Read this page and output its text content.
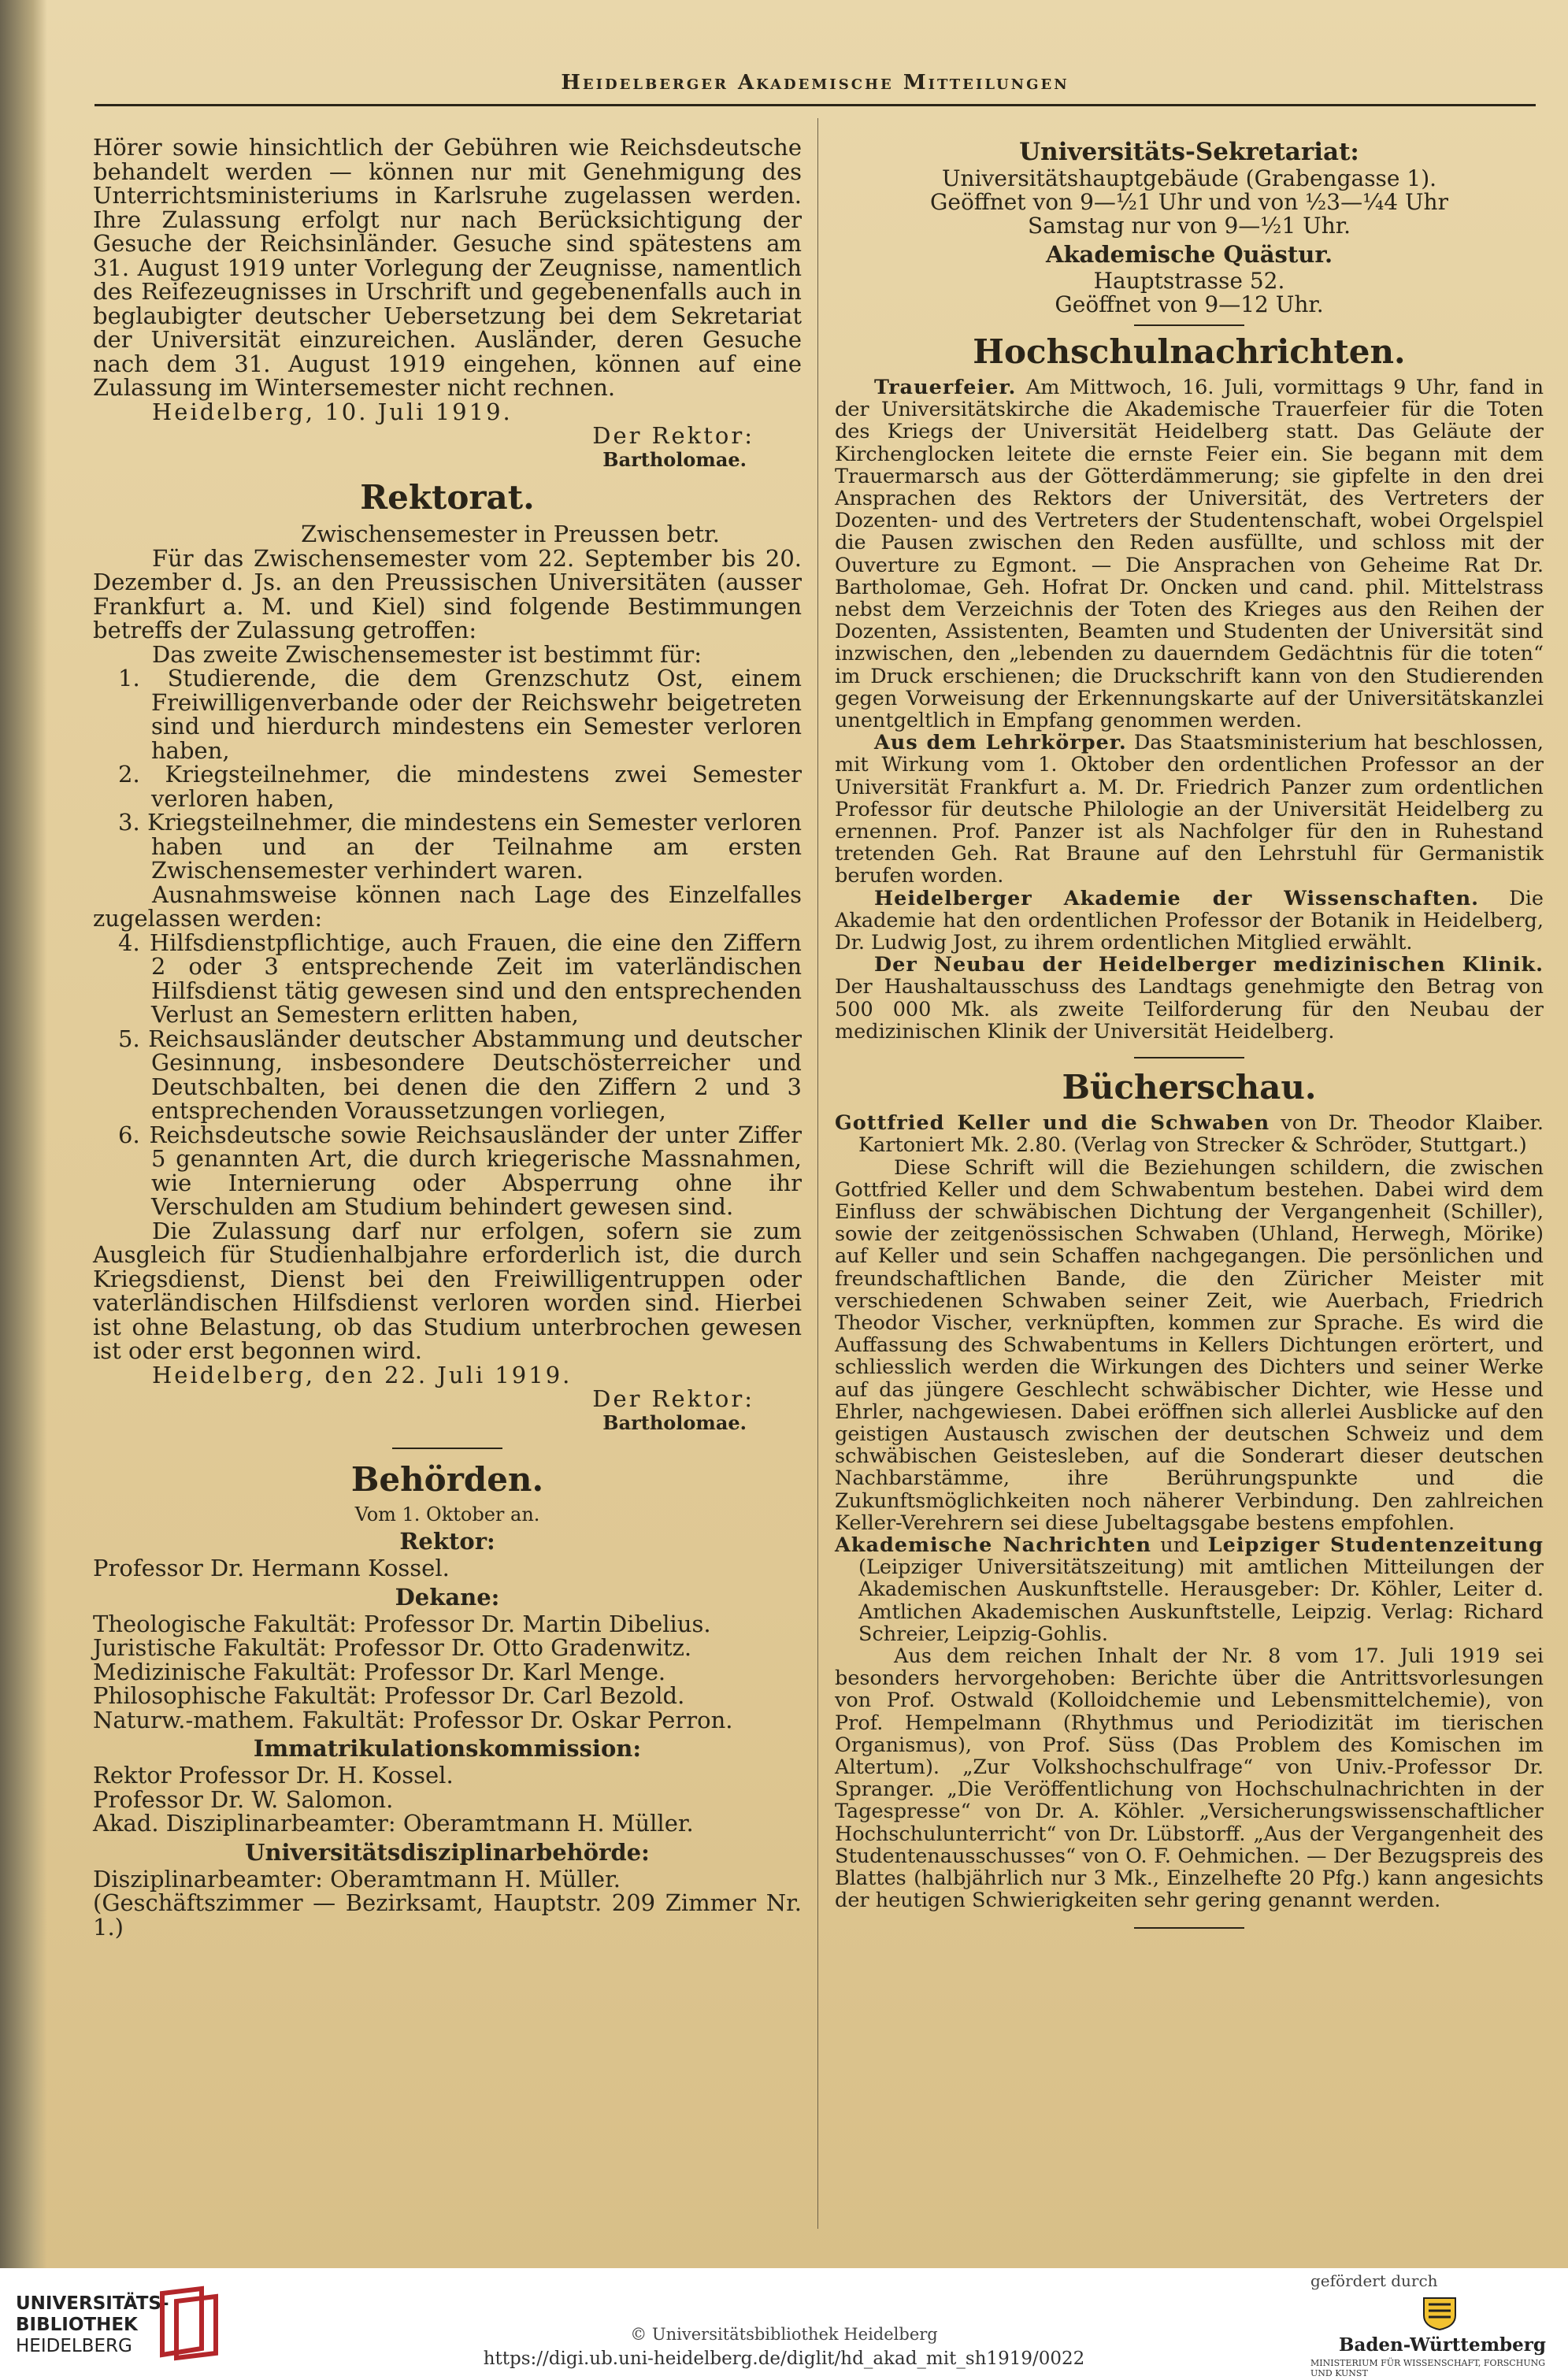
Heidelberger Akademische Mitteilungen

Hörer sowie hinsichtlich der Gebühren wie Reichsdeutsche behandelt werden — können nur mit Genehmigung des Unterrichtsministeriums in Karlsruhe zugelassen werden. Ihre Zulassung erfolgt nur nach Berücksichtigung der Gesuche der Reichsinländer. Gesuche sind spätestens am 31. August 1919 unter Vorlegung der Zeugnisse, namentlich des Reifezeugnisses in Urschrift und gegebenenfalls auch in beglaubigter deutscher Uebersetzung bei dem Sekretariat der Universität einzureichen. Ausländer, deren Gesuche nach dem 31. August 1919 eingehen, können auf eine Zulassung im Wintersemester nicht rechnen.

Heidelberg, 10. Juli 1919.

Der Rektor:

Bartholomae.

Rektorat.

Zwischensemester in Preussen betr.

Für das Zwischensemester vom 22. September bis 20. Dezember d. Js. an den Preussischen Universitäten (ausser Frankfurt a. M. und Kiel) sind folgende Bestimmungen betreffs der Zulassung getroffen:

Das zweite Zwischensemester ist bestimmt für:

1. Studierende, die dem Grenzschutz Ost, einem Freiwilligenverbande oder der Reichswehr beigetreten sind und hierdurch mindestens ein Semester verloren haben,

2. Kriegsteilnehmer, die mindestens zwei Semester verloren haben,

3. Kriegsteilnehmer, die mindestens ein Semester verloren haben und an der Teilnahme am ersten Zwischensemester verhindert waren.

Ausnahmsweise können nach Lage des Einzelfalles zugelassen werden:

4. Hilfsdienstpflichtige, auch Frauen, die eine den Ziffern 2 oder 3 entsprechende Zeit im vaterländischen Hilfsdienst tätig gewesen sind und den entsprechenden Verlust an Semestern erlitten haben,

5. Reichsausländer deutscher Abstammung und deutscher Gesinnung, insbesondere Deutschösterreicher und Deutschbalten, bei denen die den Ziffern 2 und 3 entsprechenden Voraussetzungen vorliegen,

6. Reichsdeutsche sowie Reichsausländer der unter Ziffer 5 genannten Art, die durch kriegerische Massnahmen, wie Internierung oder Absperrung ohne ihr Verschulden am Studium behindert gewesen sind.

Die Zulassung darf nur erfolgen, sofern sie zum Ausgleich für Studienhalbjahre erforderlich ist, die durch Kriegsdienst, Dienst bei den Freiwilligentruppen oder vaterländischen Hilfsdienst verloren worden sind. Hierbei ist ohne Belastung, ob das Studium unterbrochen gewesen ist oder erst begonnen wird.

Heidelberg, den 22. Juli 1919.

Der Rektor:

Bartholomae.

Behörden.

Vom 1. Oktober an.

Rektor:

Professor Dr. Hermann Kossel.

Dekane:

Theologische Fakultät: Professor Dr. Martin Dibelius.

Juristische Fakultät: Professor Dr. Otto Gradenwitz.

Medizinische Fakultät: Professor Dr. Karl Menge.

Philosophische Fakultät: Professor Dr. Carl Bezold.

Naturw.-mathem. Fakultät: Professor Dr. Oskar Perron.

Immatrikulationskommission:

Rektor Professor Dr. H. Kossel.

Professor Dr. W. Salomon.

Akad. Disziplinarbeamter: Oberamtmann H. Müller.

Universitätsdisziplinarbehörde:

Disziplinarbeamter: Oberamtmann H. Müller.

(Geschäftszimmer — Bezirksamt, Hauptstr. 209 Zimmer Nr. 1.)

Universitäts-Sekretariat:

Universitätshauptgebäude (Grabengasse 1).

Geöffnet von 9—½1 Uhr und von ½3—¼4 Uhr

Samstag nur von 9—½1 Uhr.

Akademische Quästur.

Hauptstrasse 52.

Geöffnet von 9—12 Uhr.

Hochschulnachrichten.

Trauerfeier. Am Mittwoch, 16. Juli, vormittags 9 Uhr, fand in der Universitätskirche die Akademische Trauerfeier für die Toten des Kriegs der Universität Heidelberg statt. Das Geläute der Kirchenglocken leitete die ernste Feier ein. Sie begann mit dem Trauermarsch aus der Götterdämmerung; sie gipfelte in den drei Ansprachen des Rektors der Universität, des Vertreters der Dozenten- und des Vertreters der Studentenschaft, wobei Orgelspiel die Pausen zwischen den Reden ausfüllte, und schloss mit der Ouverture zu Egmont. — Die Ansprachen von Geheime Rat Dr. Bartholomae, Geh. Hofrat Dr. Oncken und cand. phil. Mittelstrass nebst dem Verzeichnis der Toten des Krieges aus den Reihen der Dozenten, Assistenten, Beamten und Studenten der Universität sind inzwischen, den „lebenden zu dauerndem Gedächtnis für die toten“ im Druck erschienen; die Druckschrift kann von den Studierenden gegen Vorweisung der Erkennungskarte auf der Universitätskanzlei unentgeltlich in Empfang genommen werden.

Aus dem Lehrkörper. Das Staatsministerium hat beschlossen, mit Wirkung vom 1. Oktober den ordentlichen Professor an der Universität Frankfurt a. M. Dr. Friedrich Panzer zum ordentlichen Professor für deutsche Philologie an der Universität Heidelberg zu ernennen. Prof. Panzer ist als Nachfolger für den in Ruhestand tretenden Geh. Rat Braune auf den Lehrstuhl für Germanistik berufen worden.

Heidelberger Akademie der Wissenschaften. Die Akademie hat den ordentlichen Professor der Botanik in Heidelberg, Dr. Ludwig Jost, zu ihrem ordentlichen Mitglied erwählt.

Der Neubau der Heidelberger medizinischen Klinik. Der Haushaltausschuss des Landtags genehmigte den Betrag von 500 000 Mk. als zweite Teilforderung für den Neubau der medizinischen Klinik der Universität Heidelberg.

Bücherschau.

Gottfried Keller und die Schwaben von Dr. Theodor Klaiber. Kartoniert Mk. 2.80. (Verlag von Strecker & Schröder, Stuttgart.)

Diese Schrift will die Beziehungen schildern, die zwischen Gottfried Keller und dem Schwabentum bestehen. Dabei wird dem Einfluss der schwäbischen Dichtung der Vergangenheit (Schiller), sowie der zeitgenössischen Schwaben (Uhland, Herwegh, Mörike) auf Keller und sein Schaffen nachgegangen. Die persönlichen und freundschaftlichen Bande, die den Züricher Meister mit verschiedenen Schwaben seiner Zeit, wie Auerbach, Friedrich Theodor Vischer, verknüpften, kommen zur Sprache. Es wird die Auffassung des Schwabentums in Kellers Dichtungen erörtert, und schliesslich werden die Wirkungen des Dichters und seiner Werke auf das jüngere Geschlecht schwäbischer Dichter, wie Hesse und Ehrler, nachgewiesen. Dabei eröffnen sich allerlei Ausblicke auf den geistigen Austausch zwischen der deutschen Schweiz und dem schwäbischen Geistesleben, auf die Sonderart dieser deutschen Nachbarstämme, ihre Berührungspunkte und die Zukunftsmöglichkeiten noch näherer Verbindung. Den zahlreichen Keller-Verehrern sei diese Jubeltagsgabe bestens empfohlen.

Akademische Nachrichten und Leipziger Studentenzeitung (Leipziger Universitätszeitung) mit amtlichen Mitteilungen der Akademischen Auskunftstelle. Herausgeber: Dr. Köhler, Leiter d. Amtlichen Akademischen Auskunftstelle, Leipzig. Verlag: Richard Schreier, Leipzig-Gohlis.

Aus dem reichen Inhalt der Nr. 8 vom 17. Juli 1919 sei besonders hervorgehoben: Berichte über die Antrittsvorlesungen von Prof. Ostwald (Kolloidchemie und Lebensmittelchemie), von Prof. Hempelmann (Rhythmus und Periodizität im tierischen Organismus), von Prof. Süss (Das Problem des Komischen im Altertum). „Zur Volkshochschulfrage“ von Univ.-Professor Dr. Spranger. „Die Veröffentlichung von Hochschulnachrichten in der Tagespresse“ von Dr. A. Köhler. „Versicherungswissenschaftlicher Hochschulunterricht“ von Dr. Lübstorff. „Aus der Vergangenheit des Studentenausschusses“ von O. F. Oehmichen. — Der Bezugspreis des Blattes (halbjährlich nur 3 Mk., Einzelhefte 20 Pfg.) kann angesichts der heutigen Schwierigkeiten sehr gering genannt werden.

UNIVERSITÄTS-
BIBLIOTHEK
HEIDELBERG
© Universitätsbibliothek Heidelberg
https://digi.ub.uni-heidelberg.de/diglit/hd_akad_mit_sh1919/0022
gefördert durch
Baden-Württemberg
MINISTERIUM FÜR WISSENSCHAFT, FORSCHUNG UND KUNST
